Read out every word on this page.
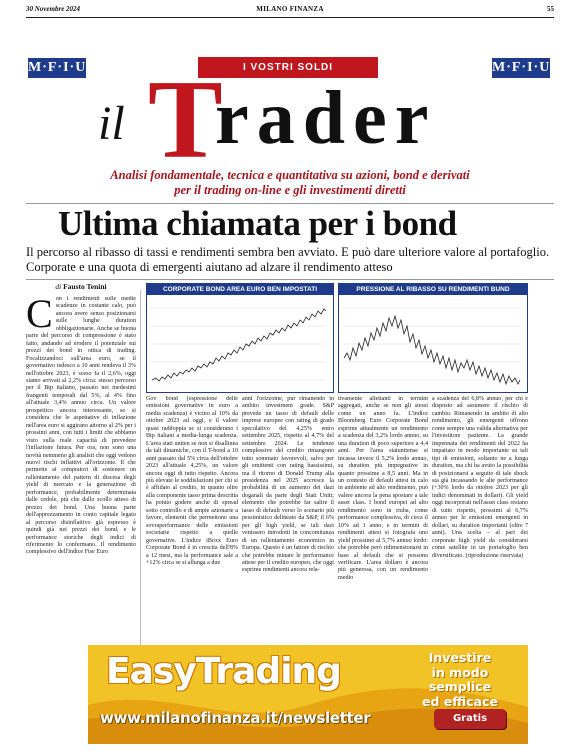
30 Novembre 2024	MILANO FINANZA	55
M·F·I·U	I VOSTRI SOLDI	M·F·I·U
il T
rader
Analisi fondamentale, tecnica e quantitativa su azioni, bond e derivati
per il trading on-line e gli investimenti diretti
Ultima chiamata per i bond
Il percorso al ribasso di tassi e rendimenti sembra ben avviato. E può dare ulteriore valore al portafoglio. Corporate e una quota di emergenti aiutano ad alzare il rendimento atteso
di Fausto Tenini

Con i rendimenti sulle medie scadenze in costante calo, può ancora avere senso posizionarsi sulle lunghe duration obbligazionarie. Anche se buona parte del percorso di compressione è stato fatto, andando ad erodere il potenziale sui prezzi dei bond in ottica di trading. Focalizzandoci sull'area euro, se il governativo tedesco a 10 anni rendeva il 3% nell'ottobre 2023, è sceso fa il 2,6%, oggi siamo arrivati al 2,2% circa: stesso percorso per il Btp italiano, passato nei medesimi frangenti temporali dal 5%, al 4% fino all'attuale 3,4% annuo circa. Un valore prospettico ancora interessante, se si considera che le aspettative di inflazione nell'area euro si aggirano attorno al 2% per i prossimi anni, con tutti i limiti che abbiamo visto sulla reale capacità di prevedere l'inflazione futura. Per ora, non sono una novità nemmeno gli analisti che oggi vedono nuovi rischi inflattivi all'orizzonte. Il che permette ai compratori di sostenere un rallentamento del pattern di discesa degli yield di mercato e la generazione di performance, probabilmente determinata dalle cedole, più che dallo scollo atteso di prezzo dei bond. Una buona parte dell'apprezzamento in conto capitale legato al percorso disinflattivo già espresso è quindi già nei prezzi dei bond, e le performance storiche degli indici di riferimento lo confermano. Il rendimento complessivo dell'indice Ftse Euro

CORPORATE BOND AREA EURO BEN IMPOSTATI	PRESSIONE AL RIBASSO SU RENDIMENTI BUND

Gov bond (espressione delle emissioni governative in euro a media scadenza) è vicino al 10% da ottobre 2023 ad oggi, e il valore quasi raddoppia se si considerano i Btp italiani a media-lunga scadenza. L'area stati uniten se non si disallinea da tali dinamiche, con il T-bond a 10 anni passato dal 5% circa dell'ottobre 2023 all'attuale 4,25%, un valore ancora oggi di tutto rispetto. Ancora più elevate le soddisfazioni per chi si è affidato al credito, in quanto oltre alla componente tasso prima descritta ha potuto godere anche di spread sotto controllo e di ampie azionarie a favore, elementi che permettono una sovraperformance delle emissioni societarie rispetto a quelle governative. L'indice iBoxx Euro Corporate Bond è in crescita dell'8% a 12 mesi, ma la performance sale a +12% circa se si allunga a due

anni l'orizzonte, pur rimanendo in ambito investment grade. S&P prevede un tasso di default delle imprese europee con rating di grado speculativo del 4,25% entro settembre 2025, rispetto al 4,7% del settembre 2024. Le tendenze complessive del credito rimangono tutto sommato favorevoli, salvo per gli emittenti con rating bassissimi, ma il ritorno di Donald Trump alla presidenza nel 2025 accresce la probabilità di un aumento dei dazi doganali da parte degli Stati Uniti; elemento che potrebbe far salire il tasso di default verso lo scenario più pessimistico delineato da S&P, il 6% per gli high yield, se tali dazi venissero introdotti in concomitanza di un rallentamento economico in Europa. Questo è un fattore di rischio che potrebbe minare le performance attese per il credito europeo, che oggi esprime rendimenti ancora rela-

tivamente allettanti in termini aggregati, anche se non gli stessi come un anno fa. L'indice Bloomberg Euro Corporate Bond esprime attualmente un rendimento a scadenza del 3,2% lordo annuo, su una duration di poco superiore a 4,4 anni. Per l'area statunitense si incassa invece il 5,2% lordo annuo, su duration più impegnative in quanto prossime a 8,5 anni. Ma in un contesto di default attesi in calo in ambiente ad alto rendimento, può valere ancora la pena spostare a tale asset class. I bond europei ad alto rendimento sono in riuba, come performance complessiva, di circa il 10% ad 1 anno, e in termini di rendimenti attesi si fotografa uno yield prossimo al 5,7% annuo lordo: che potrebbe però ridimensionarsi in base al default che si possono verificare. L'area dollaro è ancora più generosa, con un rendimento medio

a scadenza del 6,8% annuo, per chi è disposto ad assumere il rischio di cambio. Rimanendo in ambito di alto rendimento, gli emergenti offrono come sempre una valida alternativa per l'investitore paziente. La grande impennata dei rendimenti del 2022 ha impattato in modo importante su tali tipi di emissioni, soltanto ne a lunga duration, ma chi ha avuto la possibilità di posizionarsi a seguito di tale shock sta già incassando le alte performance (+30% lordo da ottobre 2023 per gli indici denominati in dollari). Gli yield oggi incorporati nell'asset class restano di tutto rispetto, prossimi al 6,7% annuo per le emissioni emergenti in dollari, su duration importanti (oltre 7 anni). Una scelta – al pari dei corporate high yield da considerarsi come satellite in un portafoglio ben diversificato. (riproduzione riservata)

EasyTrading	Investire
in modo
semplice
ed efficace
www.milanofinanza.it/newsletter	Gratis
